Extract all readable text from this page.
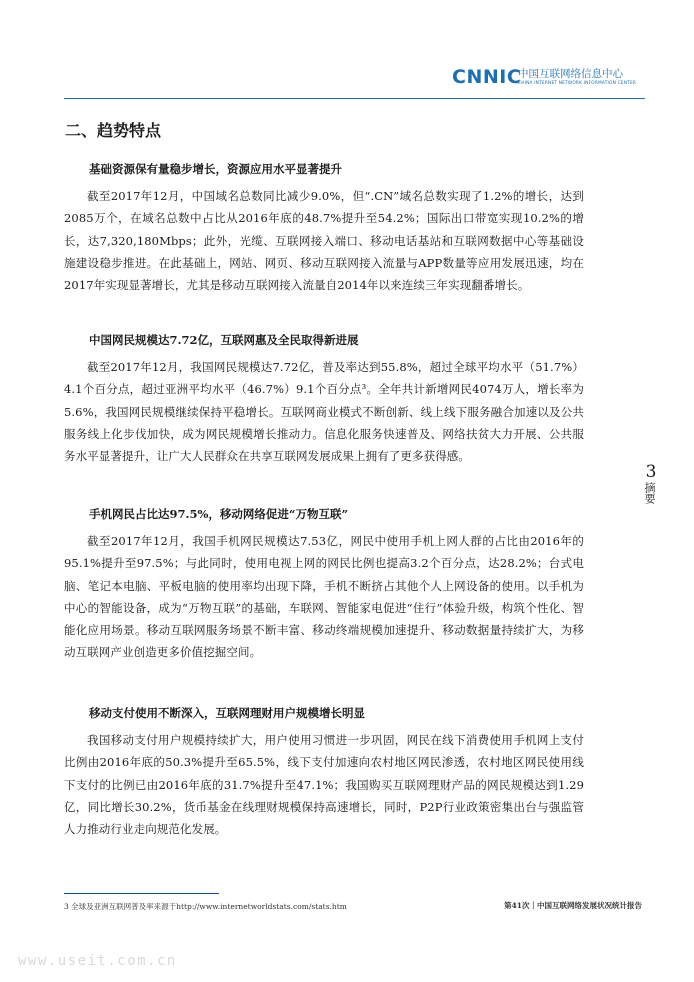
CNNIC
中国互联网络信息中心
CHINA INTERNET NETWORK INFORMATION CENTER
二、趋势特点
基础资源保有量稳步增长，资源应用水平显著提升

截至2017年12月，中国域名总数同比减少9.0%，但“.CN”域名总数实现了1.2%的增长，达到2085万个，在域名总数中占比从2016年底的48.7%提升至54.2%；国际出口带宽实现10.2%的增长，达7,320,180Mbps；此外，光缆、互联网接入端口、移动电话基站和互联网数据中心等基础设施建设稳步推进。在此基础上，网站、网页、移动互联网接入流量与APP数量等应用发展迅速，均在2017年实现显著增长，尤其是移动互联网接入流量自2014年以来连续三年实现翻番增长。

中国网民规模达7.72亿，互联网惠及全民取得新进展

截至2017年12月，我国网民规模达7.72亿，普及率达到55.8%，超过全球平均水平（51.7%）4.1个百分点，超过亚洲平均水平（46.7%）9.1个百分点³。全年共计新增网民4074万人，增长率为5.6%，我国网民规模继续保持平稳增长。互联网商业模式不断创新、线上线下服务融合加速以及公共服务线上化步伐加快，成为网民规模增长推动力。信息化服务快速普及、网络扶贫大力开展、公共服务水平显著提升，让广大人民群众在共享互联网发展成果上拥有了更多获得感。

手机网民占比达97.5%，移动网络促进“万物互联”

截至2017年12月，我国手机网民规模达7.53亿，网民中使用手机上网人群的占比由2016年的95.1%提升至97.5%；与此同时，使用电视上网的网民比例也提高3.2个百分点，达28.2%；台式电脑、笔记本电脑、平板电脑的使用率均出现下降，手机不断挤占其他个人上网设备的使用。以手机为中心的智能设备，成为“万物互联”的基础，车联网、智能家电促进“住行”体验升级，构筑个性化、智能化应用场景。移动互联网服务场景不断丰富、移动终端规模加速提升、移动数据量持续扩大，为移动互联网产业创造更多价值挖掘空间。

移动支付使用不断深入，互联网理财用户规模增长明显

我国移动支付用户规模持续扩大，用户使用习惯进一步巩固，网民在线下消费使用手机网上支付比例由2016年底的50.3%提升至65.5%，线下支付加速向农村地区网民渗透，农村地区网民使用线下支付的比例已由2016年底的31.7%提升至47.1%；我国购买互联网理财产品的网民规模达到1.29亿，同比增长30.2%，货币基金在线理财规模保持高速增长，同时，P2P行业政策密集出台与强监管人力推动行业走向规范化发展。

3
摘要

3 全球及亚洲互联网普及率来源于http://www.internetworldstats.com/stats.htm	第41次｜中国互联网络发展状况统计报告

www.useit.com.cn
